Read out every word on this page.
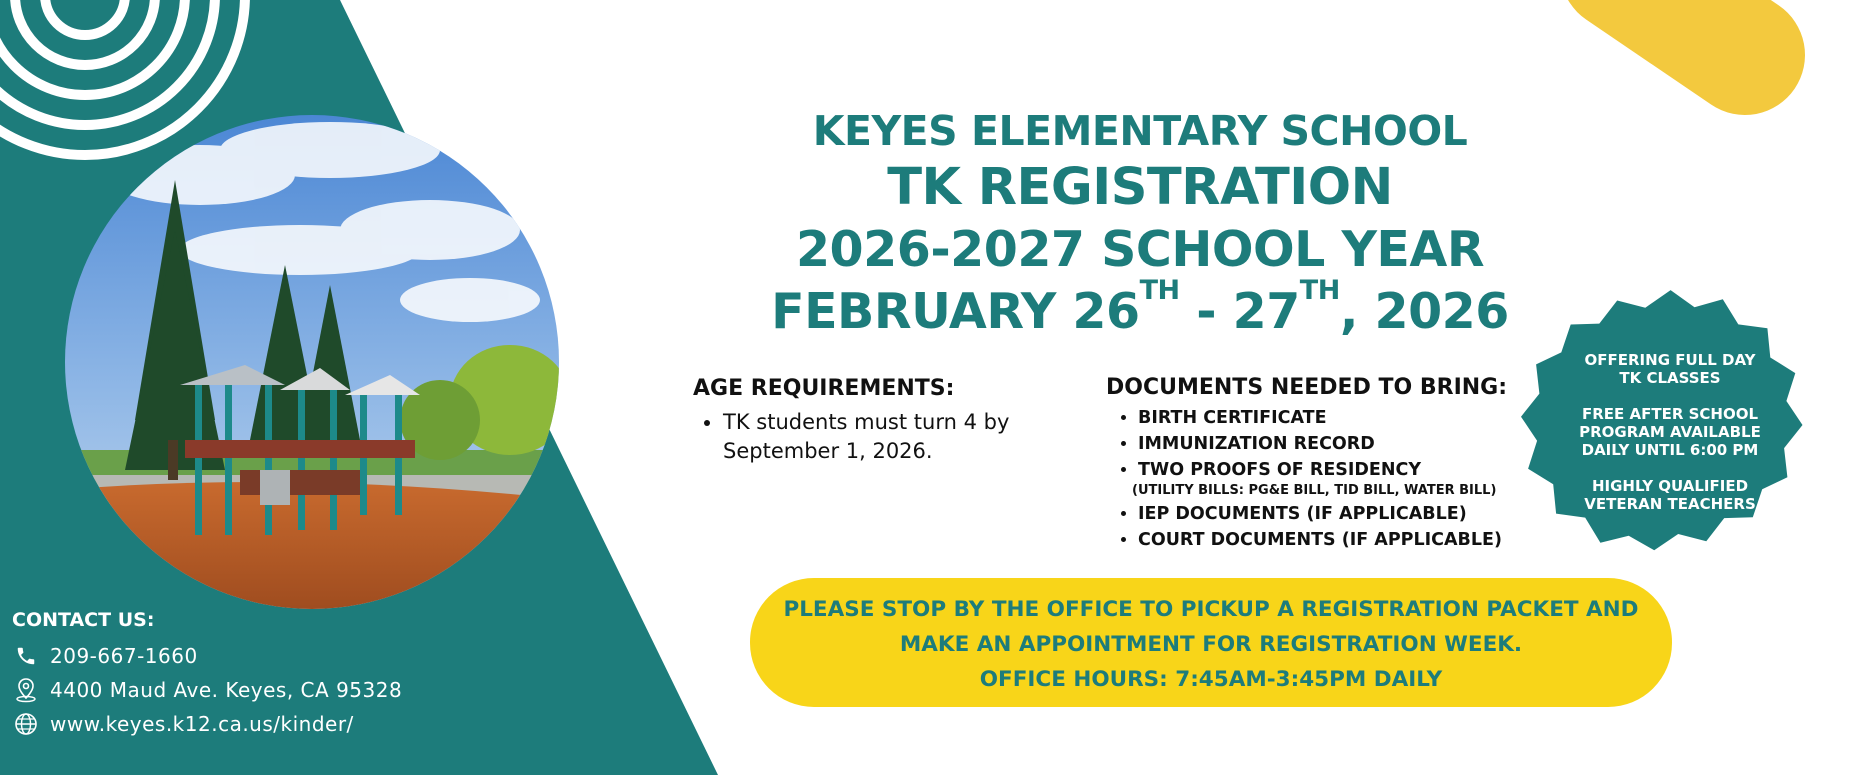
KEYES ELEMENTARY SCHOOL
TK REGISTRATION
2026-2027 SCHOOL YEAR
FEBRUARY 26TH - 27TH, 2026
AGE REQUIREMENTS:
• TK students must turn 4 by September 1, 2026.
DOCUMENTS NEEDED TO BRING:
• BIRTH CERTIFICATE
• IMMUNIZATION RECORD
• TWO PROOFS OF RESIDENCY
(UTILITY BILLS: PG&E BILL, TID BILL, WATER BILL)
• IEP DOCUMENTS (IF APPLICABLE)
• COURT DOCUMENTS (IF APPLICABLE)
OFFERING FULL DAY
TK CLASSES
FREE AFTER SCHOOL
PROGRAM AVAILABLE
DAILY UNTIL 6:00 PM
HIGHLY QUALIFIED
VETERAN TEACHERS
PLEASE STOP BY THE OFFICE TO PICKUP A REGISTRATION PACKET AND
MAKE AN APPOINTMENT FOR REGISTRATION WEEK.
OFFICE HOURS: 7:45AM-3:45PM DAILY
CONTACT US:
209-667-1660
4400 Maud Ave. Keyes, CA 95328
www.keyes.k12.ca.us/kinder/
